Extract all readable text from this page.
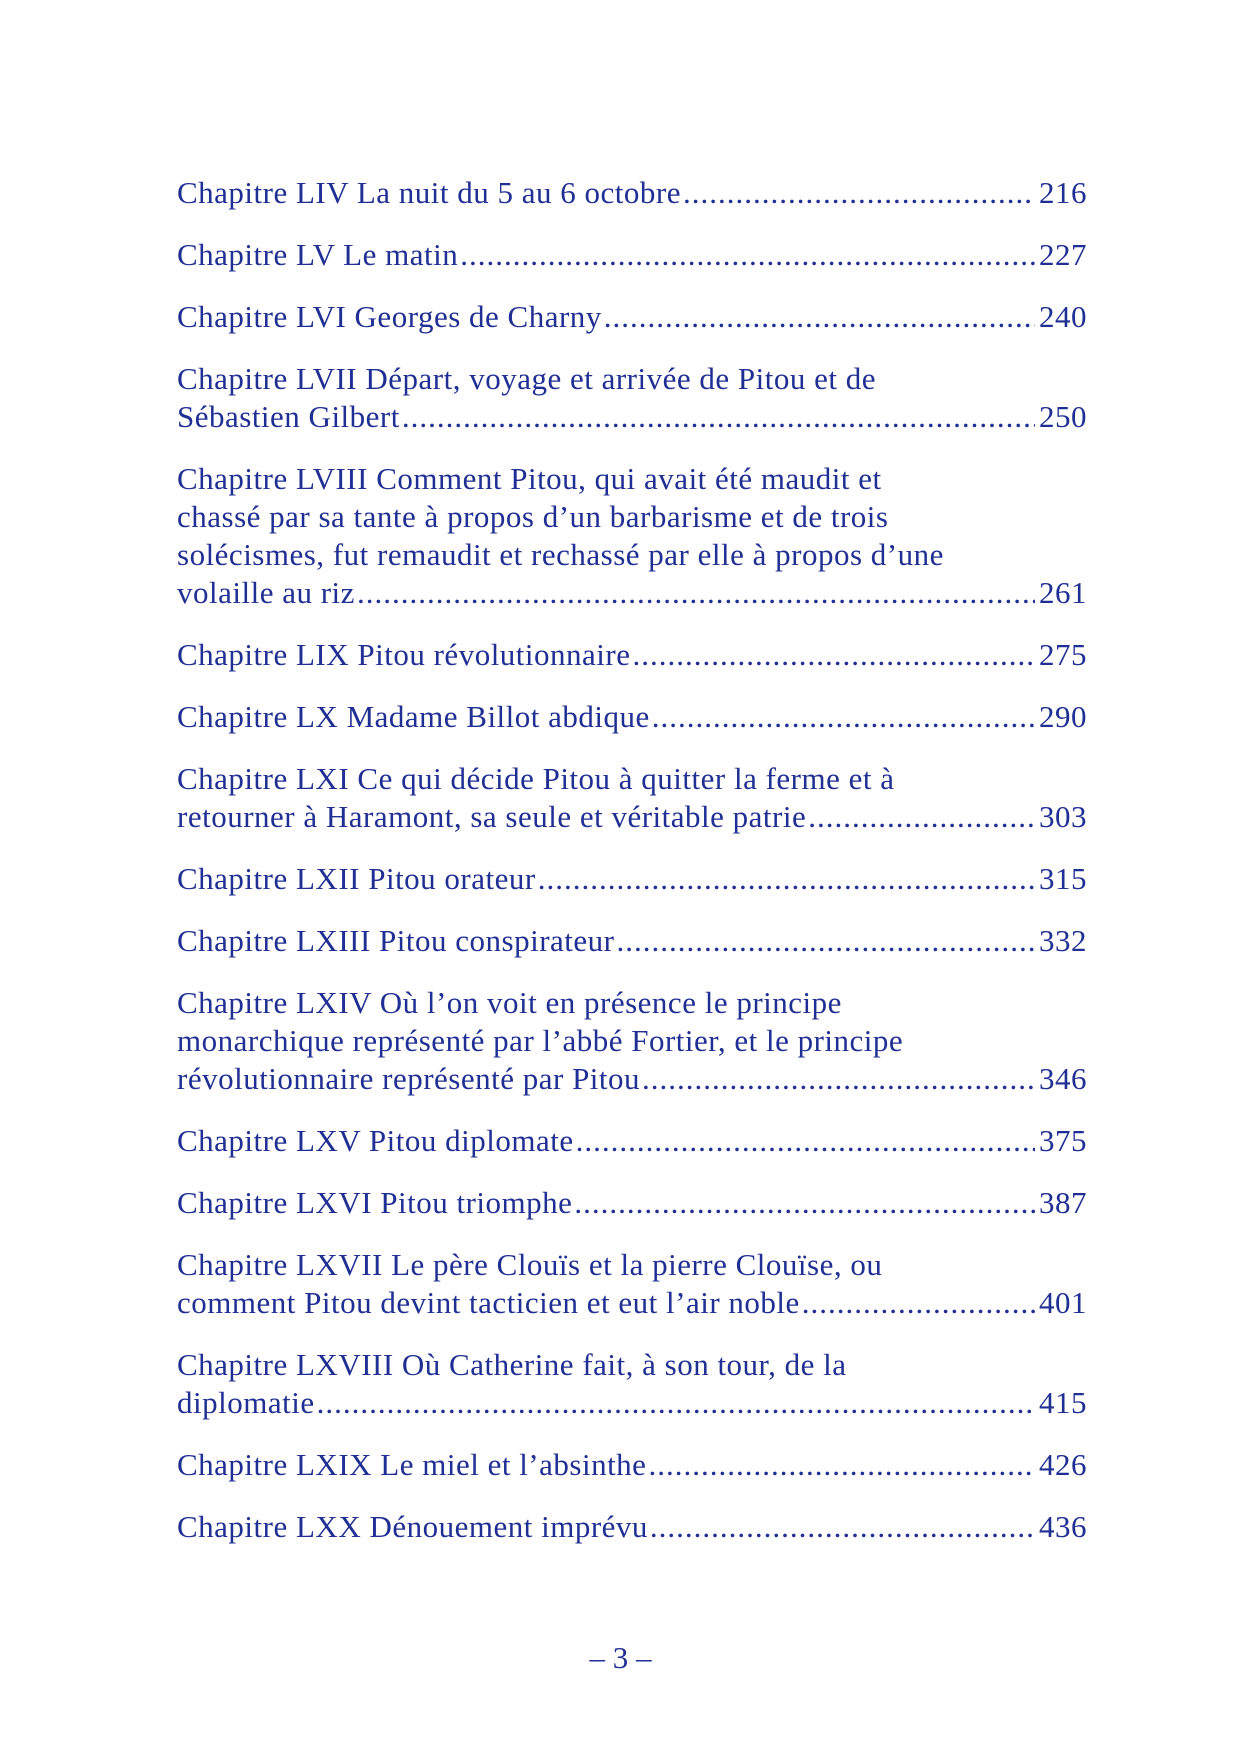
Chapitre LIV La nuit du 5 au 6 octobre .....	216
Chapitre LV Le matin .....	227
Chapitre LVI Georges de Charny .....	240
Chapitre LVII Départ, voyage et arrivée de Pitou et de
Sébastien Gilbert .....	250
Chapitre LVIII Comment Pitou, qui avait été maudit et
chassé par sa tante à propos d’un barbarisme et de trois
solécismes, fut remaudit et rechassé par elle à propos d’une
volaille au riz .....	261
Chapitre LIX Pitou révolutionnaire .....	275
Chapitre LX Madame Billot abdique .....	290
Chapitre LXI Ce qui décide Pitou à quitter la ferme et à
retourner à Haramont, sa seule et véritable patrie .....	303
Chapitre LXII Pitou orateur .....	315
Chapitre LXIII Pitou conspirateur .....	332
Chapitre LXIV Où l’on voit en présence le principe
monarchique représenté par l’abbé Fortier, et le principe
révolutionnaire représenté par Pitou .....	346
Chapitre LXV Pitou diplomate .....	375
Chapitre LXVI Pitou triomphe .....	387
Chapitre LXVII Le père Clouïs et la pierre Clouïse, ou
comment Pitou devint tacticien et eut l’air noble .....	401
Chapitre LXVIII Où Catherine fait, à son tour, de la
diplomatie .....	415
Chapitre LXIX Le miel et l’absinthe .....	426
Chapitre LXX Dénouement imprévu .....	436
– 3 –
